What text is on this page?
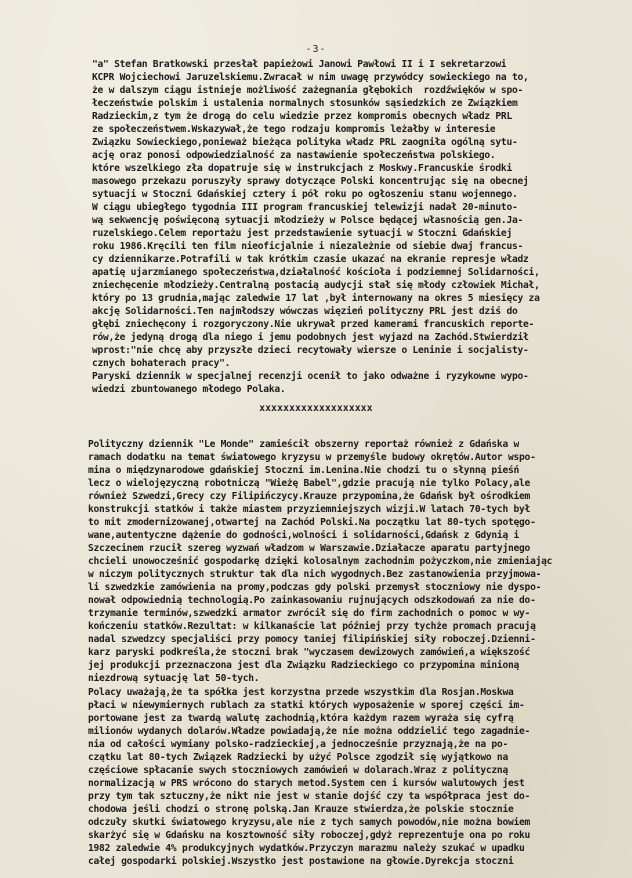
-3-
"a" Stefan Bratkowski przesłał papieżowi Janowi Pawłowi II i I sekretarzowi
KCPR Wojciechowi Jaruzelskiemu.Zwracał w nim uwagę przywódcy sowieckiego na to,
że w dalszym ciągu istnieje możliwość zażegnania głębokich  rozdźwięków w spo-
łeczeństwie polskim i ustalenia normalnych stosunków sąsiedzkich ze Związkiem
Radzieckim,z tym że drogą do celu wiedzie przez kompromis obecnych władz PRL
ze społeczeństwem.Wskazywał,że tego rodzaju kompromis leżałby w interesie
Związku Sowieckiego,ponieważ bieżąca polityka władz PRL zaogniła ogólną sytu-
ację oraz ponosi odpowiedzialność za nastawienie społeczeństwa polskiego.
które wszelkiego zła dopatruje się w instrukcjach z Moskwy.Francuskie środki
masowego przekazu poruszyły sprawy dotyczące Polski koncentrując się na obecnej
sytuacji w Stoczni Gdańskiej cztery i pół roku po ogłoszeniu stanu wojennego.
W ciągu ubiegłego tygodnia III program francuskiej telewizji nadał 20-minuto-
wą sekwencję poświęconą sytuacji młodzieży w Polsce będącej własnością gen.Ja-
ruzelskiego.Celem reportażu jest przedstawienie sytuacji w Stoczni Gdańskiej
roku 1986.Kręcili ten film nieoficjalnie i niezależnie od siebie dwaj francus-
cy dziennikarze.Potrafili w tak krótkim czasie ukazać na ekranie represje władz
apatię ujarzmianego społeczeństwa,działalność kościoła i podziemnej Solidarności,
zniechęcenie młodzieży.Centralną postacią audycji stał się młody człowiek Michał,
który po 13 grudnia,mając zaledwie 17 lat ,był internowany na okres 5 miesięcy za
akcję Solidarności.Ten najmłodszy wówczas więzień polityczny PRL jest dziś do
głębi zniechęcony i rozgoryczony.Nie ukrywał przed kamerami francuskich reporte-
rów,że jedyną drogą dla niego i jemu podobnych jest wyjazd na Zachód.Stwierdził
wprost:"nie chcę aby przyszłe dzieci recytowały wiersze o Leninie i socjalisty-
cznych bohaterach pracy".
Paryski dziennik w specjalnej recenzji ocenił to jako odważne i ryzykowne wypo-
wiedzi zbuntowanego młodego Polaka.
xxxxxxxxxxxxxxxxxxx
Polityczny dziennik "Le Monde" zamieścił obszerny reportaż również z Gdańska w
ramach dodatku na temat światowego kryzysu w przemyśle budowy okrętów.Autor wspo-
mina o międzynarodowe gdańskiej Stoczni im.Lenina.Nie chodzi tu o słynną pieśń
lecz o wielojęzyczną robotniczą "Wieżę Babel",gdzie pracują nie tylko Polacy,ale
również Szwedzi,Grecy czy Filipińczycy.Krauze przypomina,że Gdańsk był ośrodkiem
konstrukcji statków i także miastem przyziemniejszych wizji.W latach 70-tych był
to mit zmodernizowanej,otwartej na Zachód Polski.Na początku lat 80-tych spotęgo-
wane,autentyczne dążenie do godności,wolności i solidarności,Gdańsk z Gdynią i
Szczecinem rzucił szereg wyzwań władzom w Warszawie.Działacze aparatu partyjnego
chcieli unowocześnić gospodarkę dzięki kolosalnym zachodnim pożyczkom,nie zmieniając
w niczym politycznych struktur tak dla nich wygodnych.Bez zastanowienia przyjmowa-
li szwedzkie zamówienia na promy,podczas gdy polski przemysł stoczniowy nie dyspo-
nował odpowiednią technologią.Po zainkasowaniu rujnujących odszkodowań za nie do-
trzymanie terminów,szwedzki armator zwrócił się do firm zachodnich o pomoc w wy-
kończeniu statków.Rezultat: w kilkanaście lat później przy tychże promach pracują
nadal szwedzcy specjaliści przy pomocy taniej filipińskiej siły roboczej.Dzienni-
karz paryski podkreśla,że stoczni brak "wyczasem dewizowych zamówień,a większość
jej produkcji przeznaczona jest dla Związku Radzieckiego co przypomina minioną
niezdrową sytuację lat 50-tych.
Polacy uważają,że ta spółka jest korzystna przede wszystkim dla Rosjan.Moskwa
płaci w niewymiernych rublach za statki których wyposażenie w sporej części im-
portowane jest za twardą walutę zachodnią,która każdym razem wyraża się cyfrą
milionów wydanych dolarów.Władze powiadają,że nie można oddzielić tego zagadnie-
nia od całości wymiany polsko-radzieckiej,a jednocześnie przyznają,że na po-
czątku lat 80-tych Związek Radziecki by użyć Polsce zgodził się wyjątkowo na
częściowe spłacanie swych stoczniowych zamówień w dolarach.Wraz z polityczną
normalizacją w PRS wrócono do starych metod.System cen i kursów walutowych jest
przy tym tak sztuczny,że nikt nie jest w stanie dojść czy ta współpraca jest do-
chodowa jeśli chodzi o stronę polską.Jan Krauze stwierdza,że polskie stocznie
odczuły skutki światowego kryzysu,ale nie z tych samych powodów,nie można bowiem
skarżyć się w Gdańsku na kosztowność siły roboczej,gdyż reprezentuje ona po roku
1982 zaledwie 4% produkcyjnych wydatków.Przyczyn marazmu należy szukać w upadku
całej gospodarki polskiej.Wszystko jest postawione na głowie.Dyrekcja stoczni
